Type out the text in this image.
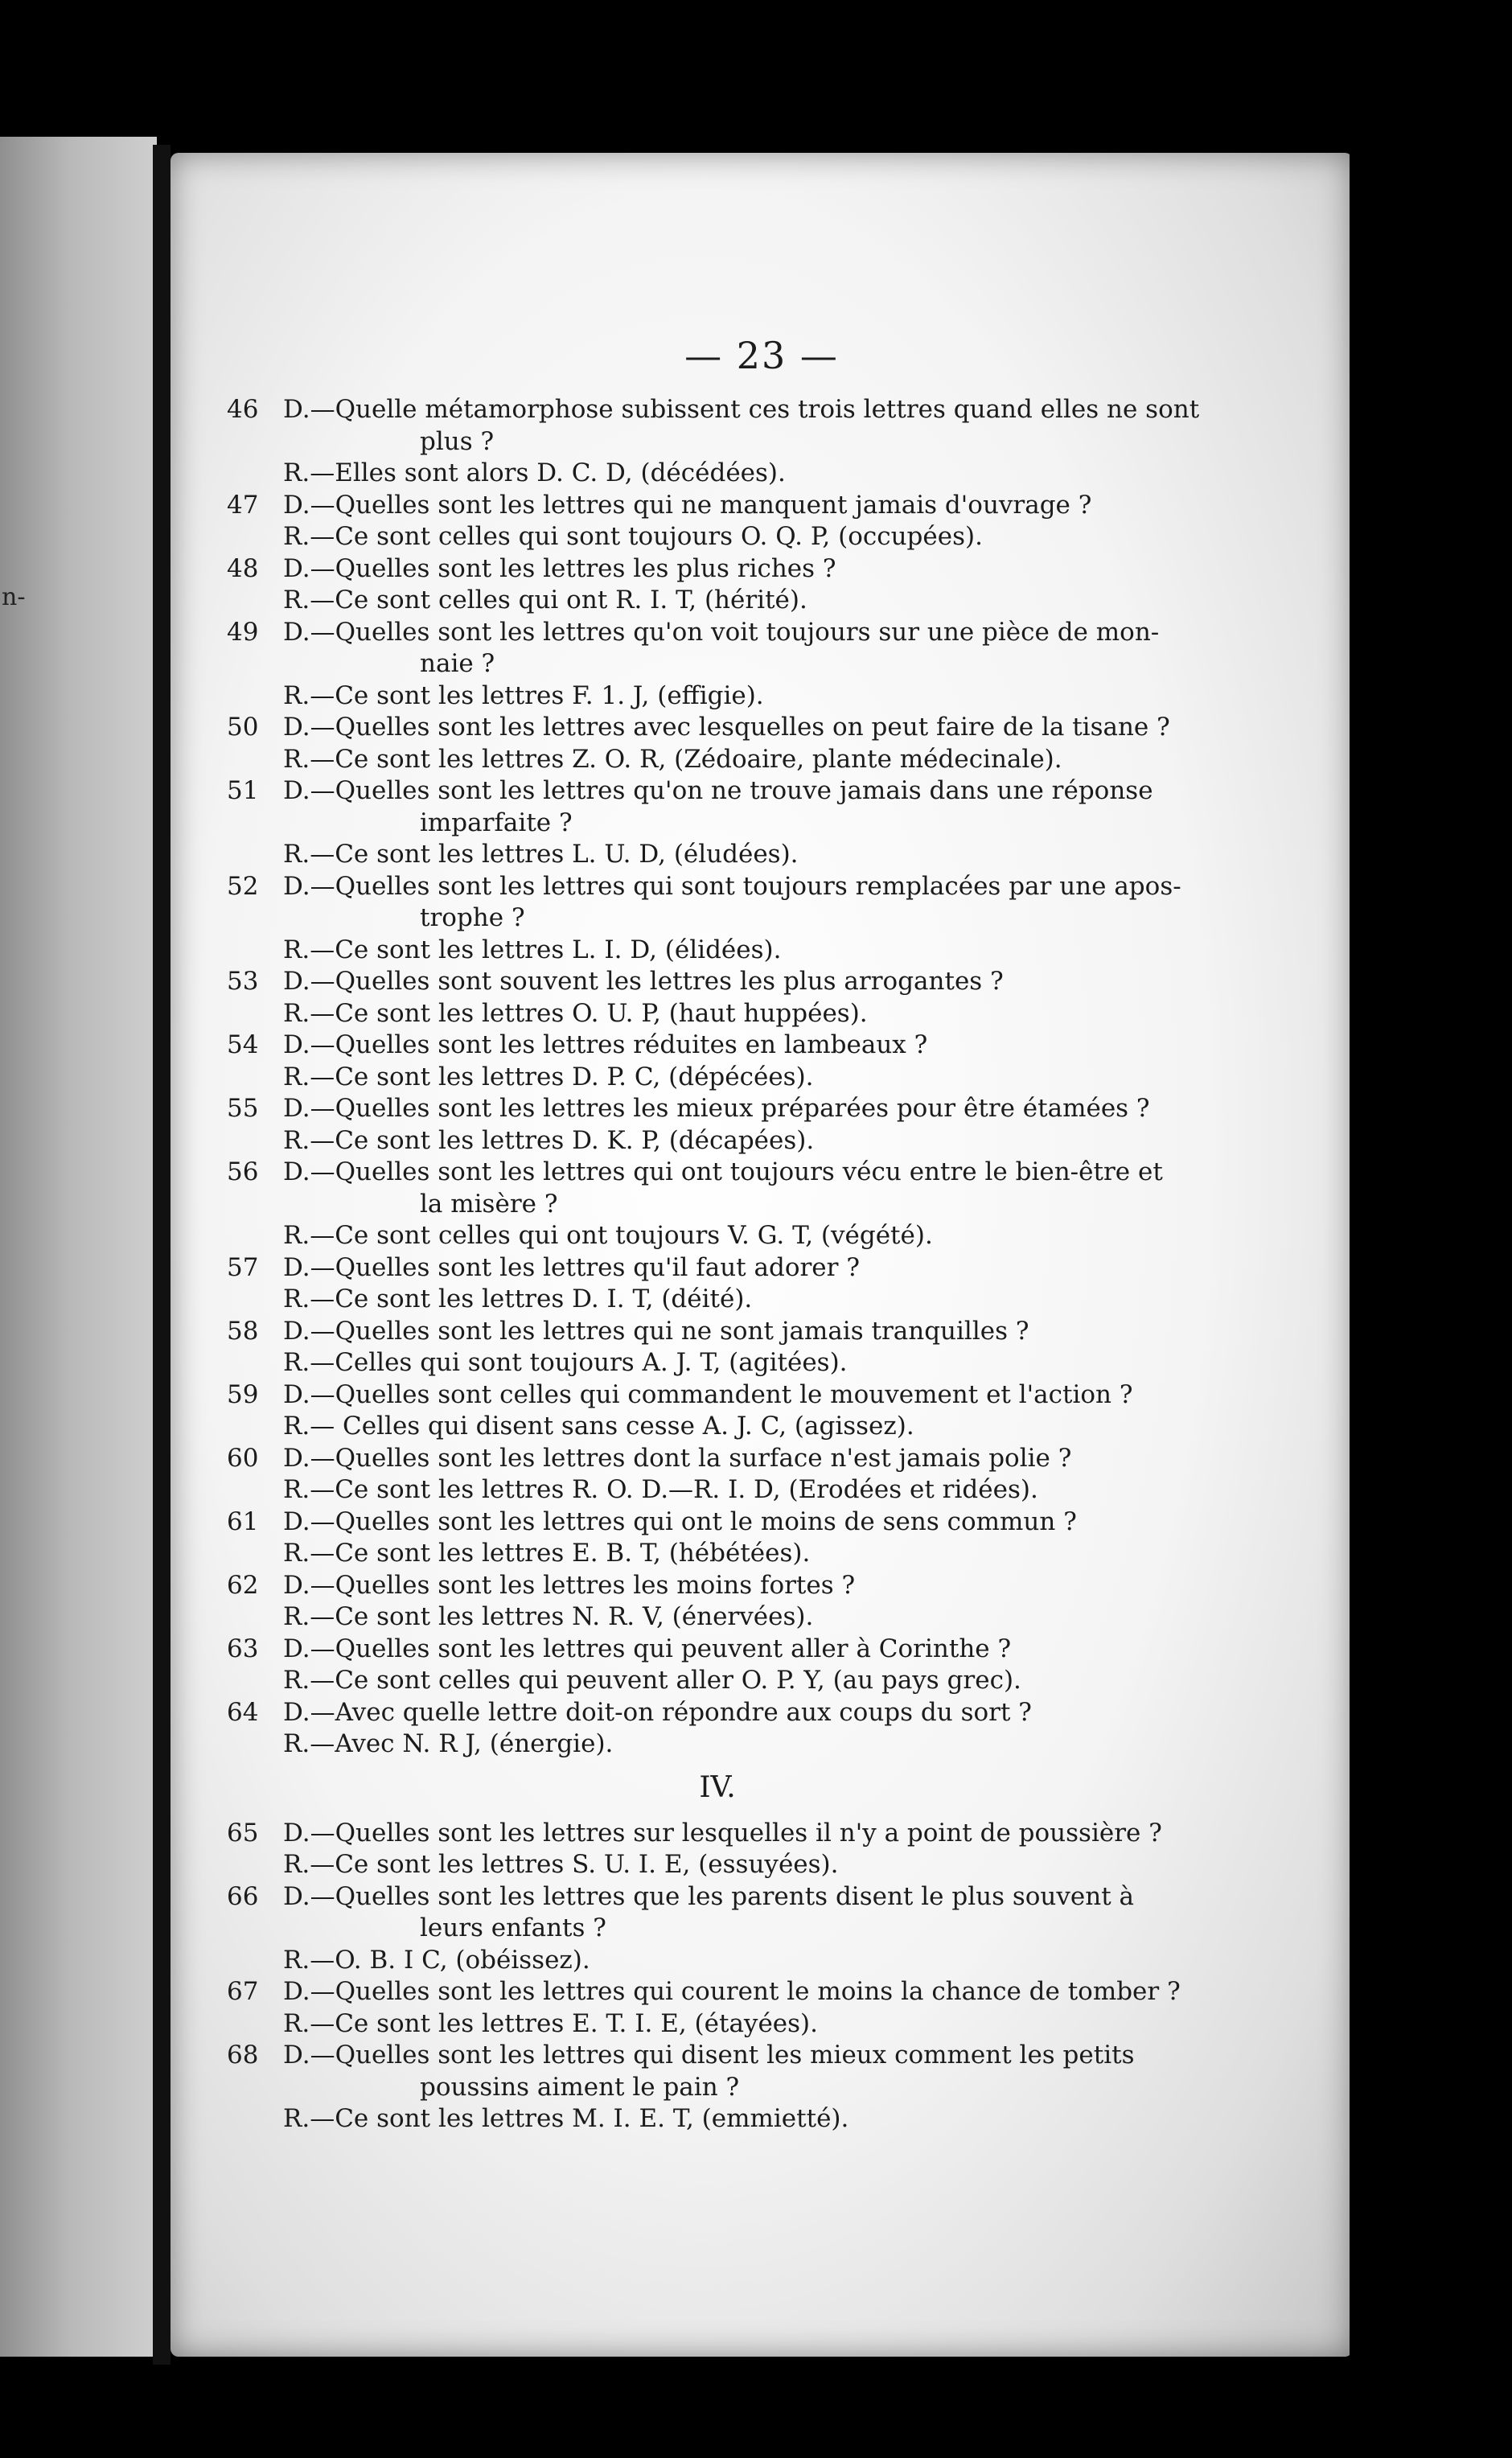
n-
— 23 —
46 D.—Quelle métamorphose subissent ces trois lettres quand elles ne sont
plus ?
R.—Elles sont alors D. C. D, (décédées).
47 D.—Quelles sont les lettres qui ne manquent jamais d'ouvrage ?
R.—Ce sont celles qui sont toujours O. Q. P, (occupées).
48 D.—Quelles sont les lettres les plus riches ?
R.—Ce sont celles qui ont R. I. T, (hérité).
49 D.—Quelles sont les lettres qu'on voit toujours sur une pièce de mon-
naie ?
R.—Ce sont les lettres F. 1. J, (effigie).
50 D.—Quelles sont les lettres avec lesquelles on peut faire de la tisane ?
R.—Ce sont les lettres Z. O. R, (Zédoaire, plante médecinale).
51 D.—Quelles sont les lettres qu'on ne trouve jamais dans une réponse
imparfaite ?
R.—Ce sont les lettres L. U. D, (éludées).
52 D.—Quelles sont les lettres qui sont toujours remplacées par une apos-
trophe ?
R.—Ce sont les lettres L. I. D, (élidées).
53 D.—Quelles sont souvent les lettres les plus arrogantes ?
R.—Ce sont les lettres O. U. P, (haut huppées).
54 D.—Quelles sont les lettres réduites en lambeaux ?
R.—Ce sont les lettres D. P. C, (dépécées).
55 D.—Quelles sont les lettres les mieux préparées pour être étamées ?
R.—Ce sont les lettres D. K. P, (décapées).
56 D.—Quelles sont les lettres qui ont toujours vécu entre le bien-être et
la misère ?
R.—Ce sont celles qui ont toujours V. G. T, (végété).
57 D.—Quelles sont les lettres qu'il faut adorer ?
R.—Ce sont les lettres D. I. T, (déité).
58 D.—Quelles sont les lettres qui ne sont jamais tranquilles ?
R.—Celles qui sont toujours A. J. T, (agitées).
59 D.—Quelles sont celles qui commandent le mouvement et l'action ?
R.— Celles qui disent sans cesse A. J. C, (agissez).
60 D.—Quelles sont les lettres dont la surface n'est jamais polie ?
R.—Ce sont les lettres R. O. D.—R. I. D, (Erodées et ridées).
61 D.—Quelles sont les lettres qui ont le moins de sens commun ?
R.—Ce sont les lettres E. B. T, (hébétées).
62 D.—Quelles sont les lettres les moins fortes ?
R.—Ce sont les lettres N. R. V, (énervées).
63 D.—Quelles sont les lettres qui peuvent aller à Corinthe ?
R.—Ce sont celles qui peuvent aller O. P. Y, (au pays grec).
64 D.—Avec quelle lettre doit-on répondre aux coups du sort ?
R.—Avec N. R J, (énergie).
IV.
65 D.—Quelles sont les lettres sur lesquelles il n'y a point de poussière ?
R.—Ce sont les lettres S. U. I. E, (essuyées).
66 D.—Quelles sont les lettres que les parents disent le plus souvent à
leurs enfants ?
R.—O. B. I C, (obéissez).
67 D.—Quelles sont les lettres qui courent le moins la chance de tomber ?
R.—Ce sont les lettres E. T. I. E, (étayées).
68 D.—Quelles sont les lettres qui disent les mieux comment les petits
poussins aiment le pain ?
R.—Ce sont les lettres M. I. E. T, (emmietté).
